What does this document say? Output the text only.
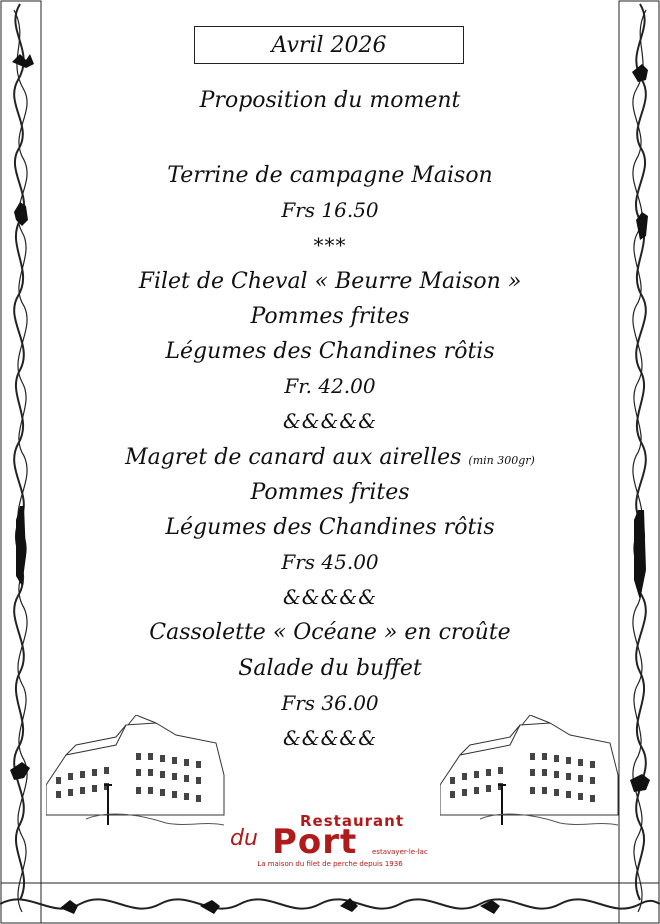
Avril 2026
Proposition du moment
Terrine de campagne Maison
Frs 16.50
***
Filet de Cheval « Beurre Maison »
Pommes frites
Légumes des Chandines rôtis
Fr. 42.00
&&&&&
Magret de canard aux airelles (min 300gr)
Pommes frites
Légumes des Chandines rôtis
Frs 45.00
&&&&&
Cassolette « Océane » en croûte
Salade du buffet
Frs 36.00
&&&&&
du Port
Restaurant
estavayer-le-lac
La maison du filet de perche depuis 1936
